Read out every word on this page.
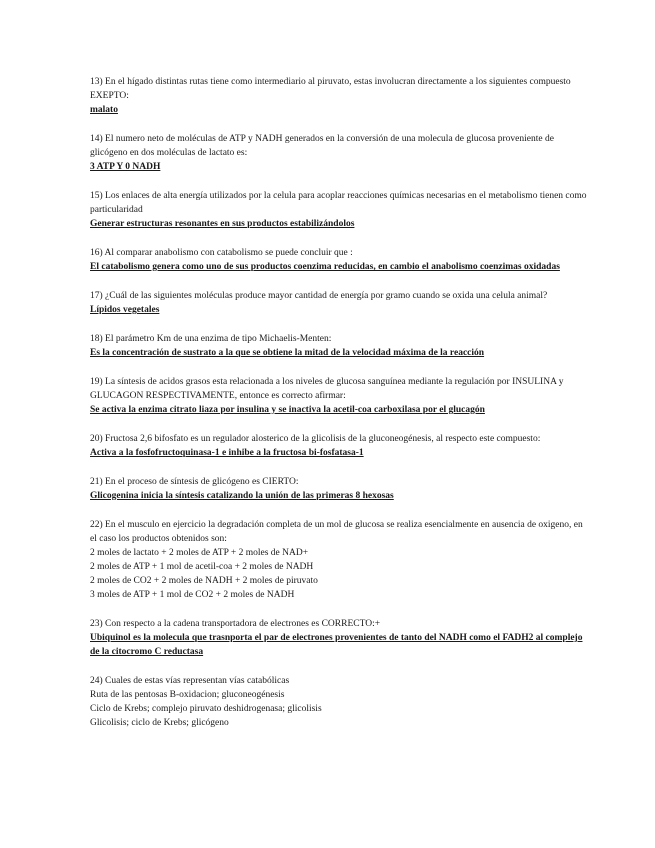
13) En el hígado distintas rutas tiene como intermediario al piruvato, estas involucran directamente a los siguientes compuesto EXEPTO:

malato

14) El numero neto de moléculas de ATP y NADH generados en la conversión de una molecula de glucosa proveniente de glicógeno en dos moléculas de lactato es:

3 ATP Y 0 NADH

15) Los enlaces de alta energía utilizados por la celula para acoplar reacciones químicas necesarias en el metabolismo tienen como particularidad

Generar estructuras resonantes en sus productos estabilizándolos

16) Al comparar anabolismo con catabolismo se puede concluir que :

El catabolismo genera como uno de sus productos coenzima reducidas, en cambio el anabolismo coenzimas oxidadas

17) ¿Cuál de las siguientes moléculas produce mayor cantidad de energía por gramo cuando se oxida una celula animal?

Lípidos vegetales

18) El parámetro Km de una enzima de tipo Michaelis-Menten:

Es la concentración de sustrato a la que se obtiene la mitad de la velocidad máxima de la reacción

19) La síntesis de acidos grasos esta relacionada a los niveles de glucosa sanguínea mediante la regulación por INSULINA y GLUCAGON RESPECTIVAMENTE, entonce es correcto afirmar:

Se activa la enzima citrato liaza por insulina y se inactiva la acetil-coa carboxilasa por el glucagón

20) Fructosa 2,6 bifosfato es un regulador alosterico de la glicolisis de la gluconeogénesis, al respecto este compuesto:

Activa a la fosfofructoquinasa-1 e inhibe a la fructosa bi-fosfatasa-1

21) En el proceso de síntesis de glicógeno es CIERTO:

Glicogenina inicia la síntesis catalizando la unión de las primeras 8 hexosas

22) En el musculo en ejercicio la degradación completa de un mol de glucosa se realiza esencialmente en ausencia de oxigeno, en el caso los productos obtenidos son:

2 moles de lactato + 2 moles de ATP + 2 moles de NAD+

2 moles de ATP + 1 mol de acetil-coa + 2 moles de NADH

2 moles de CO2 + 2 moles de NADH + 2 moles de piruvato

3 moles de ATP + 1 mol de CO2 + 2 moles de NADH

23) Con respecto a la cadena transportadora de electrones es CORRECTO:+

Ubiquinol es la molecula que trasnporta el par de electrones provenientes de tanto del NADH como el FADH2 al complejo de la citocromo C reductasa

24) Cuales de estas vías representan vías catabólicas

Ruta de las pentosas B-oxidacion; gluconeogénesis

Ciclo de Krebs; complejo piruvato deshidrogenasa; glicolisis

Glicolisis; ciclo de Krebs; glicógeno
